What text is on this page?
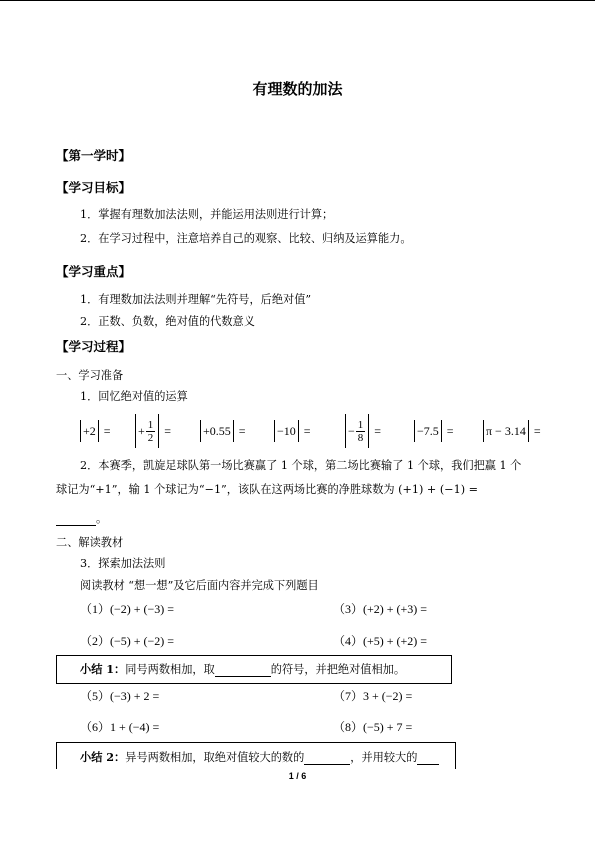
有理数的加法
【第一学时】
【学习目标】
1．掌握有理数加法法则，并能运用法则进行计算；
2．在学习过程中，注意培养自己的观察、比较、归纳及运算能力。
【学习重点】
1．有理数加法法则并理解“先符号，后绝对值”
2．正数、负数，绝对值的代数意义
【学习过程】
一、学习准备
1．回忆绝对值的运算
+2
= + $\frac{1}{2}$
=	+0.55
=	−10
=	− $\frac{1}{8}$
=	−7.5
=	π − 3.14
=
2．本赛季，凯旋足球队第一场比赛赢了 1 个球，第二场比赛输了 1 个球，我们把赢 1 个
球记为“+1”，输 1 个球记为“−1”，该队在这两场比赛的净胜球数为 (+1) + (−1) =
。
二、解读教材
3．探索加法法则
阅读教材 “想一想”及它后面内容并完成下列题目
（1）(−2) + (−3) =	（3）(+2) + (+3) =
（2）(−5) + (−2) =	（4）(+5) + (+2) =
小结 1：同号两数相加，取	的符号，并把绝对值相加。
（5）(−3) + 2 =	（7）3 + (−2) =
（6）1 + (−4) =	（8）(−5) + 7 =
小结 2：异号两数相加，取绝对值较大的数的	，并用较大的
1 / 6
